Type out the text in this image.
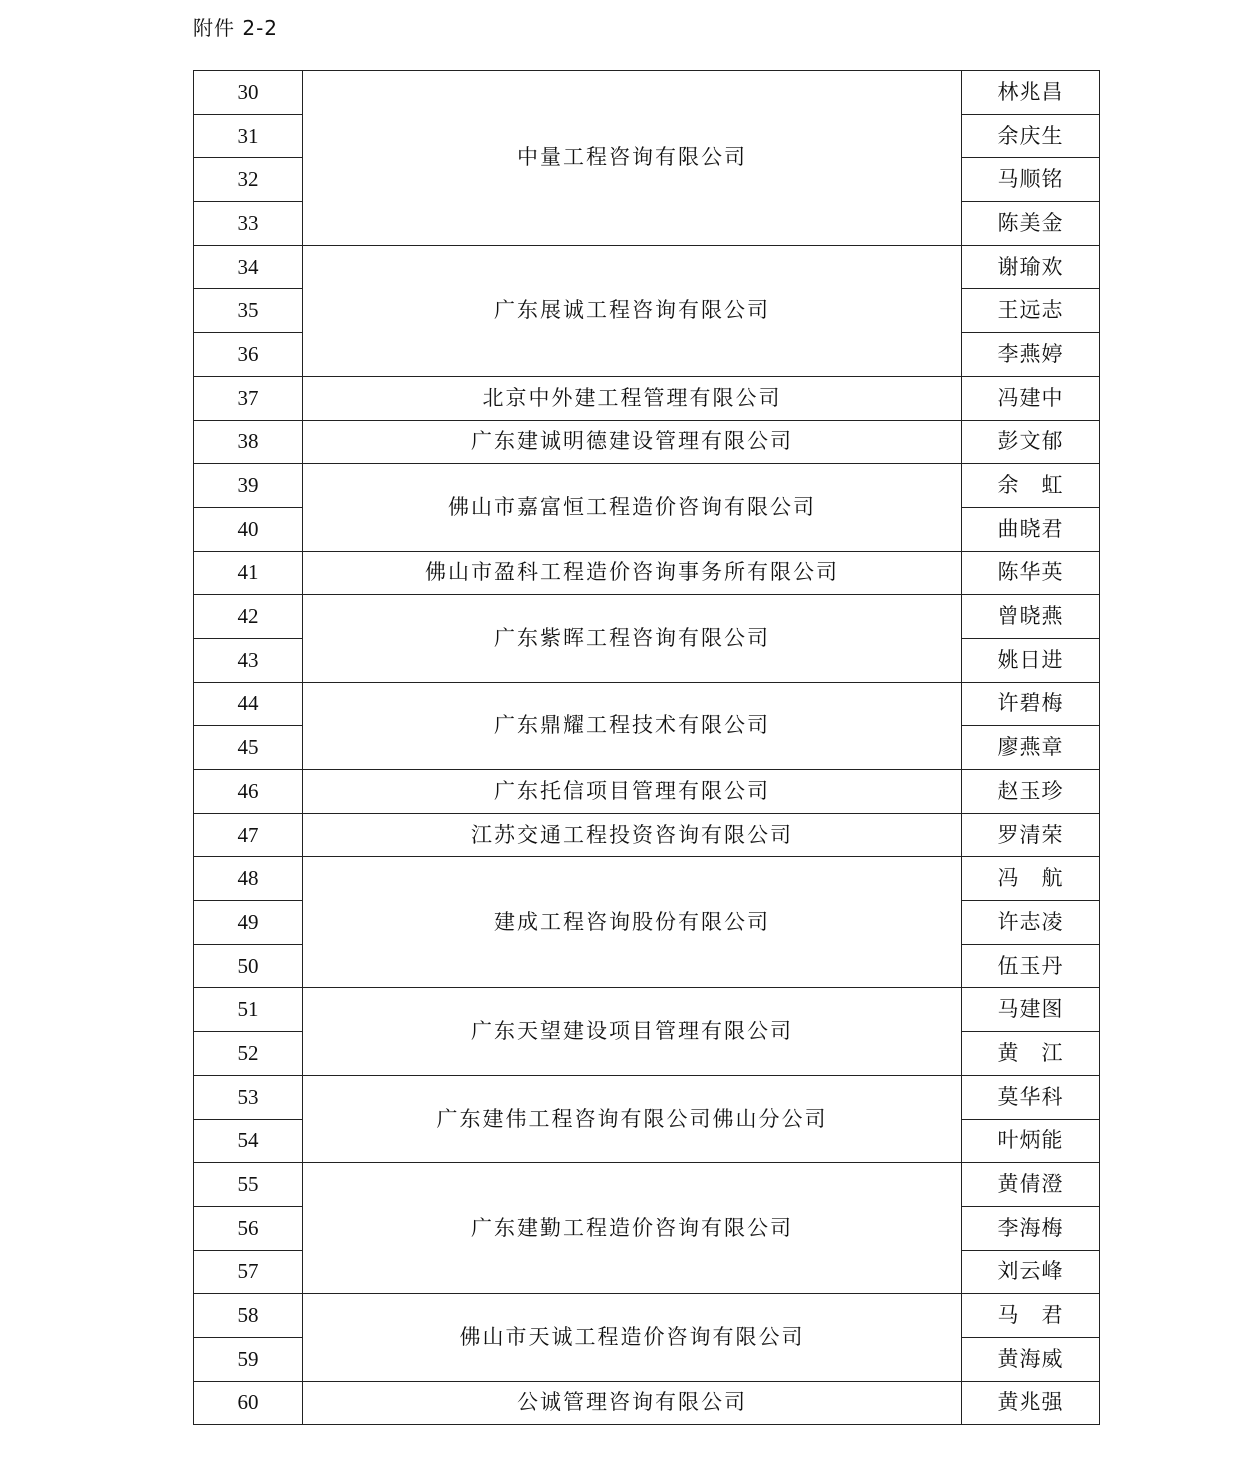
附件 2-2
30	中量工程咨询有限公司	林兆昌
31		余庆生
32		马顺铭
33		陈美金
34	广东展诚工程咨询有限公司	谢瑜欢
35		王远志
36		李燕婷
37	北京中外建工程管理有限公司	冯建中
38	广东建诚明德建设管理有限公司	彭文郁
39	佛山市嘉富恒工程造价咨询有限公司	余　虹
40		曲晓君
41	佛山市盈科工程造价咨询事务所有限公司	陈华英
42	广东紫晖工程咨询有限公司	曾晓燕
43		姚日进
44	广东鼎耀工程技术有限公司	许碧梅
45		廖燕章
46	广东托信项目管理有限公司	赵玉珍
47	江苏交通工程投资咨询有限公司	罗清荣
48	建成工程咨询股份有限公司	冯　航
49		许志凌
50		伍玉丹
51	广东天望建设项目管理有限公司	马建图
52		黄　江
53	广东建伟工程咨询有限公司佛山分公司	莫华科
54		叶炳能
55	广东建勤工程造价咨询有限公司	黄倩澄
56		李海梅
57		刘云峰
58	佛山市天诚工程造价咨询有限公司	马　君
59		黄海威
60	公诚管理咨询有限公司	黄兆强
